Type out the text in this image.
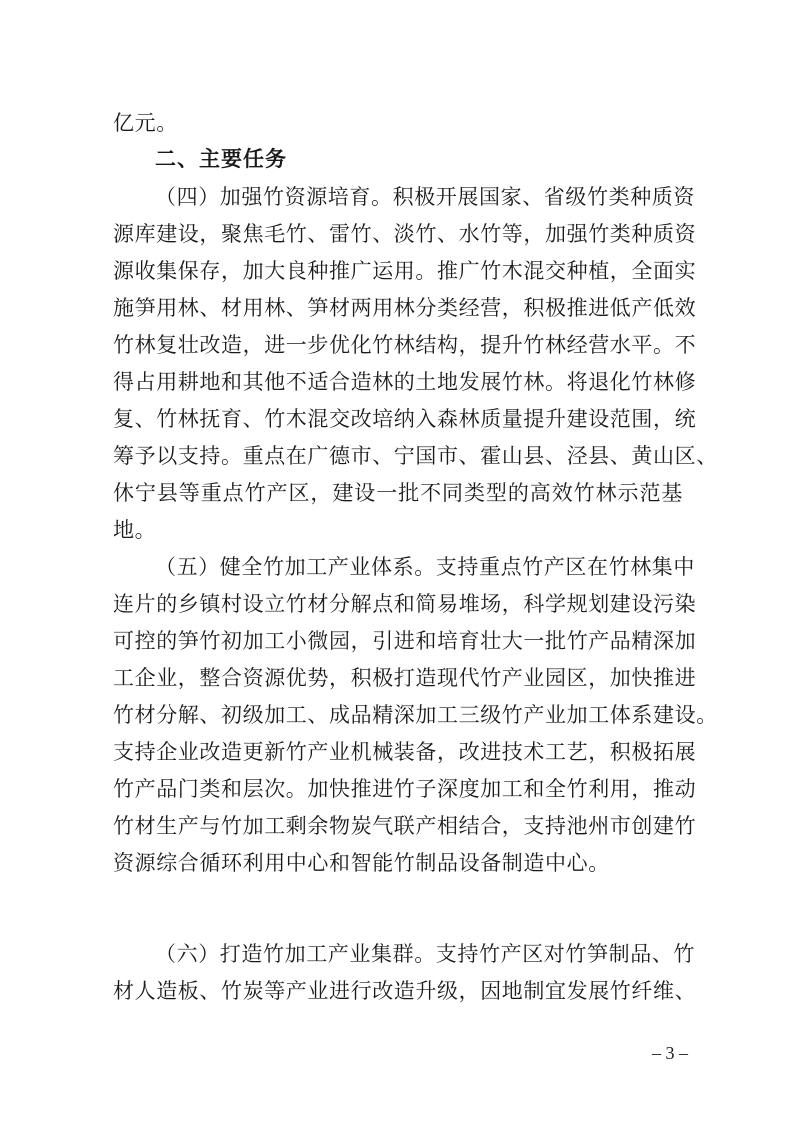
亿元。
二、主要任务
（四）加强竹资源培育。积极开展国家、省级竹类种质资
源库建设，聚焦毛竹、雷竹、淡竹、水竹等，加强竹类种质资
源收集保存，加大良种推广运用。推广竹木混交种植，全面实
施笋用林、材用林、笋材两用林分类经营，积极推进低产低效
竹林复壮改造，进一步优化竹林结构，提升竹林经营水平。不
得占用耕地和其他不适合造林的土地发展竹林。将退化竹林修
复、竹林抚育、竹木混交改培纳入森林质量提升建设范围，统
筹予以支持。重点在广德市、宁国市、霍山县、泾县、黄山区、
休宁县等重点竹产区，建设一批不同类型的高效竹林示范基
地。
（五）健全竹加工产业体系。支持重点竹产区在竹林集中
连片的乡镇村设立竹材分解点和简易堆场，科学规划建设污染
可控的笋竹初加工小微园，引进和培育壮大一批竹产品精深加
工企业，整合资源优势，积极打造现代竹产业园区，加快推进
竹材分解、初级加工、成品精深加工三级竹产业加工体系建设。
支持企业改造更新竹产业机械装备，改进技术工艺，积极拓展
竹产品门类和层次。加快推进竹子深度加工和全竹利用，推动
竹材生产与竹加工剩余物炭气联产相结合，支持池州市创建竹
资源综合循环利用中心和智能竹制品设备制造中心。
（六）打造竹加工产业集群。支持竹产区对竹笋制品、竹
材人造板、竹炭等产业进行改造升级，因地制宜发展竹纤维、
– 3 –
